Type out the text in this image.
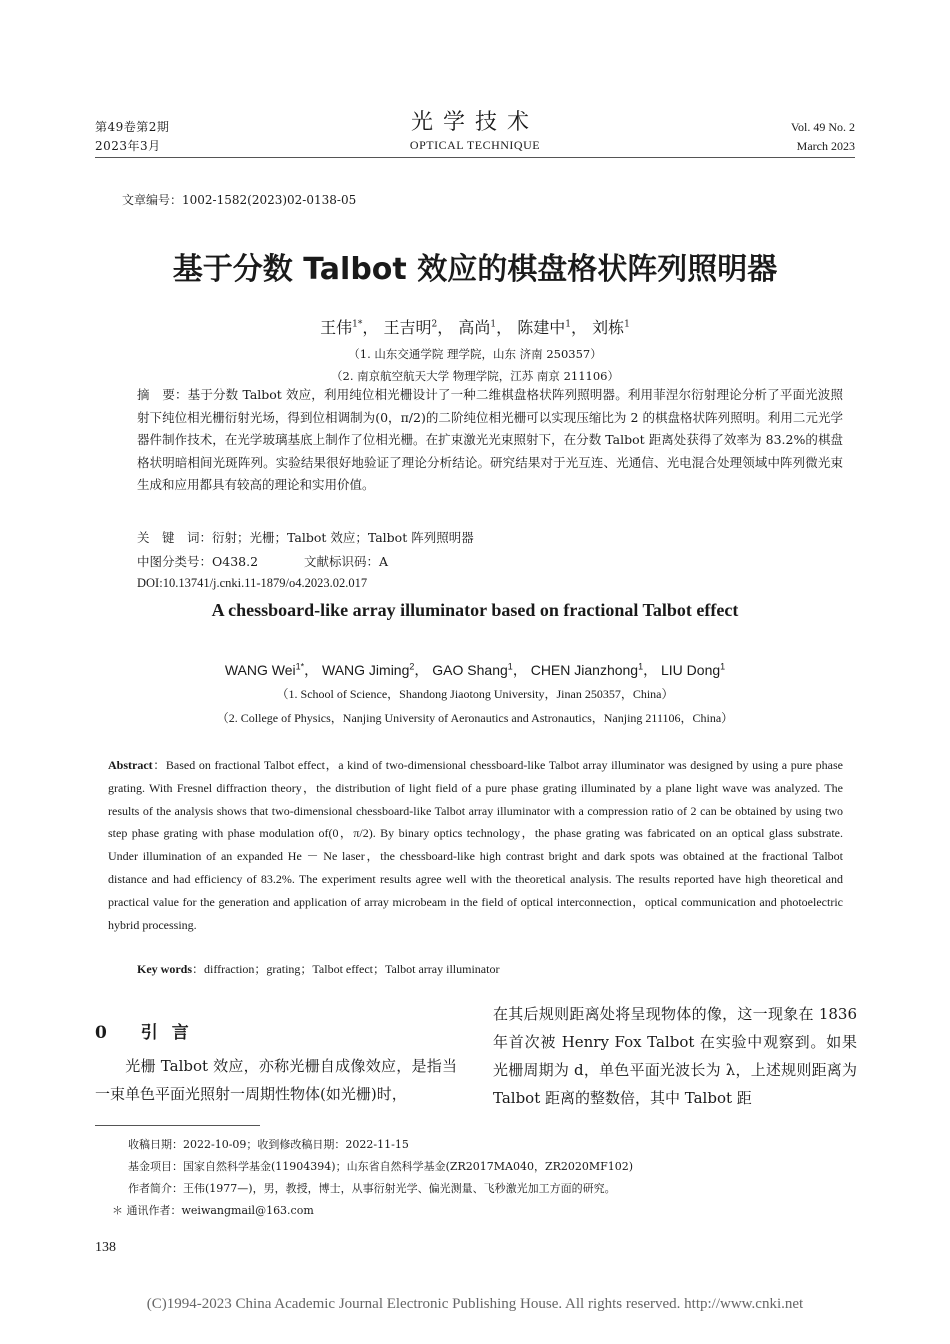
第49卷第2期
2023年3月
光学技术
OPTICAL TECHNIQUE
Vol. 49 No. 2
March 2023
文章编号：1002-1582(2023)02-0138-05
基于分数 Talbot 效应的棋盘格状阵列照明器
王伟$^{1*}$， 王吉明$^2$， 高尚$^1$， 陈建中$^1$， 刘栋$^1$
（1. 山东交通学院 理学院，山东 济南 250357）
（2. 南京航空航天大学 物理学院，江苏 南京 211106）
摘　要：基于分数 Talbot 效应，利用纯位相光栅设计了一种二维棋盘格状阵列照明器。利用菲涅尔衍射理论分析了平面光波照射下纯位相光栅衍射光场，得到位相调制为(0，π/2)的二阶纯位相光栅可以实现压缩比为 2 的棋盘格状阵列照明。利用二元光学器件制作技术，在光学玻璃基底上制作了位相光栅。在扩束激光光束照射下，在分数 Talbot 距离处获得了效率为 83.2%的棋盘格状明暗相间光斑阵列。实验结果很好地验证了理论分析结论。研究结果对于光互连、光通信、光电混合处理领域中阵列微光束生成和应用都具有较高的理论和实用价值。
关　键　词：衍射；光栅；Talbot 效应；Talbot 阵列照明器
中图分类号：O438.2	文献标识码：A
DOI:10.13741/j.cnki.11-1879/o4.2023.02.017
A chessboard-like array illuminator based on fractional Talbot effect
WANG Wei$^{1*}$， WANG Jiming$^2$， GAO Shang$^1$， CHEN Jianzhong$^1$， LIU Dong$^1$
（1. School of Science，Shandong Jiaotong University，Jinan 250357，China）
（2. College of Physics，Nanjing University of Aeronautics and Astronautics，Nanjing 211106，China）
Abstract：Based on fractional Talbot effect，a kind of two-dimensional chessboard-like Talbot array illuminator was designed by using a pure phase grating. With Fresnel diffraction theory，the distribution of light field of a pure phase grating illuminated by a plane light wave was analyzed. The results of the analysis shows that two-dimensional chessboard-like Talbot array illuminator with a compression ratio of 2 can be obtained by using two step phase grating with phase modulation of(0，π/2). By binary optics technology，the phase grating was fabricated on an optical glass substrate. Under illumination of an expanded He － Ne laser，the chessboard-like high contrast bright and dark spots was obtained at the fractional Talbot distance and had efficiency of 83.2%. The experiment results agree well with the theoretical analysis. The results reported have high theoretical and practical value for the generation and application of array microbeam in the field of optical interconnection，optical communication and photoelectric hybrid processing.
Key words：diffraction；grating；Talbot effect；Talbot array illuminator
0 引言
光栅 Talbot 效应，亦称光栅自成像效应，是指当一束单色平面光照射一周期性物体(如光栅)时，
在其后规则距离处将呈现物体的像，这一现象在 1836 年首次被 Henry Fox Talbot 在实验中观察到。如果光栅周期为 d，单色平面光波长为 λ，上述规则距离为 Talbot 距离的整数倍，其中 Talbot 距
收稿日期：2022-10-09；收到修改稿日期：2022-11-15
基金项目：国家自然科学基金(11904394)；山东省自然科学基金(ZR2017MA040，ZR2020MF102)
作者简介：王伟(1977—)，男，教授，博士，从事衍射光学、偏光测量、飞秒激光加工方面的研究。
＊ 通讯作者：weiwangmail@163.com
138
(C)1994-2023 China Academic Journal Electronic Publishing House. All rights reserved. http://www.cnki.net
